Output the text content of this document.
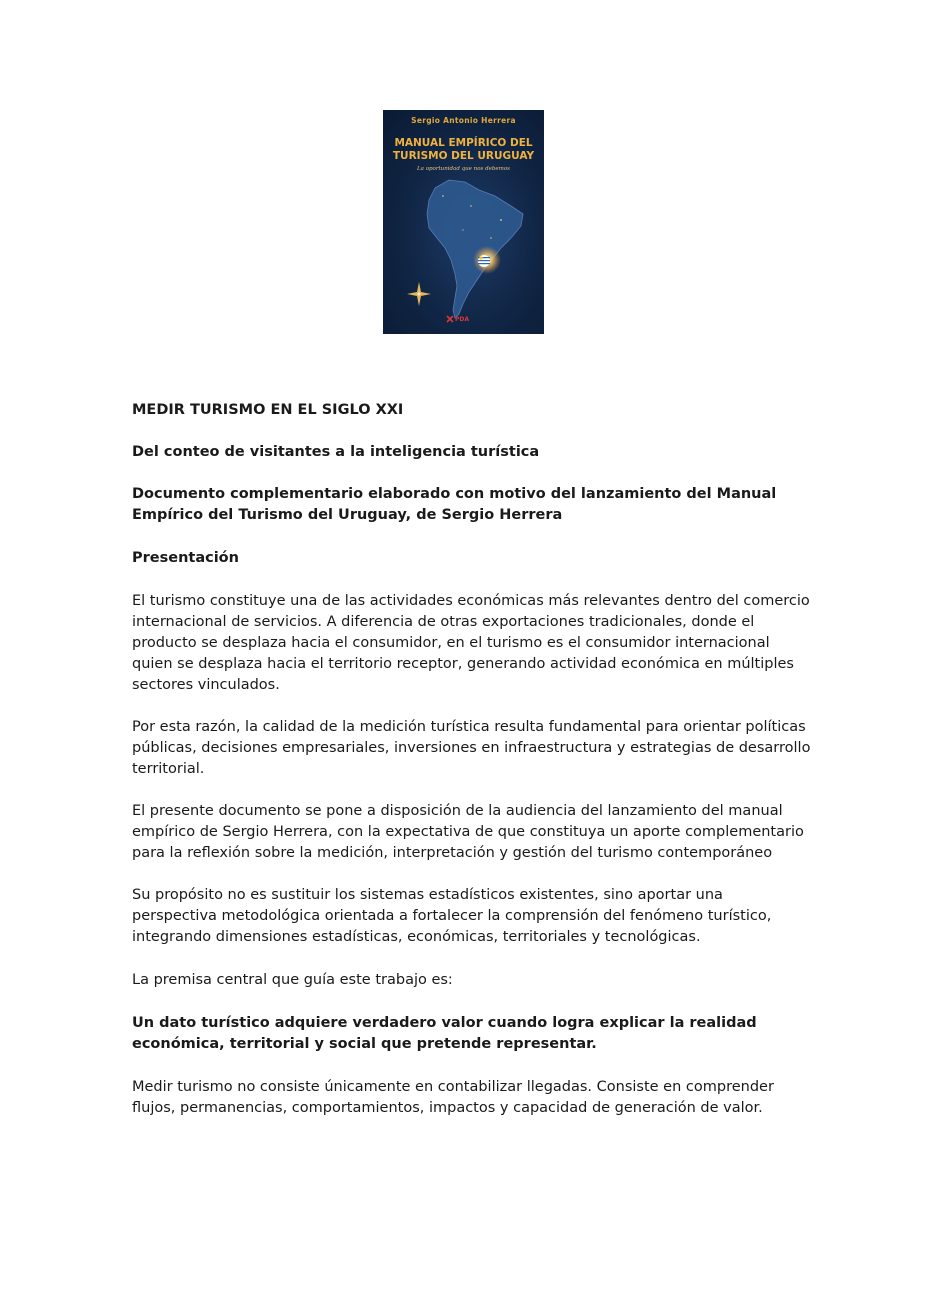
Sergio Antonio Herrera
MANUAL EMPÍRICO DEL
TURISMO DEL URUGUAY
La oportunidad que nos debemos
PDA
MEDIR TURISMO EN EL SIGLO XXI
Del conteo de visitantes a la inteligencia turística
Documento complementario elaborado con motivo del lanzamiento del Manual Empírico del Turismo del Uruguay, de Sergio Herrera
Presentación
El turismo constituye una de las actividades económicas más relevantes dentro del comercio internacional de servicios. A diferencia de otras exportaciones tradicionales, donde el producto se desplaza hacia el consumidor, en el turismo es el consumidor internacional quien se desplaza hacia el territorio receptor, generando actividad económica en múltiples sectores vinculados.
Por esta razón, la calidad de la medición turística resulta fundamental para orientar políticas públicas, decisiones empresariales, inversiones en infraestructura y estrategias de desarrollo territorial.
El presente documento se pone a disposición de la audiencia del lanzamiento del manual empírico de Sergio Herrera, con la expectativa de que constituya un aporte complementario para la reflexión sobre la medición, interpretación y gestión del turismo contemporáneo
Su propósito no es sustituir los sistemas estadísticos existentes, sino aportar una perspectiva metodológica orientada a fortalecer la comprensión del fenómeno turístico, integrando dimensiones estadísticas, económicas, territoriales y tecnológicas.
La premisa central que guía este trabajo es:
Un dato turístico adquiere verdadero valor cuando logra explicar la realidad económica, territorial y social que pretende representar.
Medir turismo no consiste únicamente en contabilizar llegadas. Consiste en comprender flujos, permanencias, comportamientos, impactos y capacidad de generación de valor.
